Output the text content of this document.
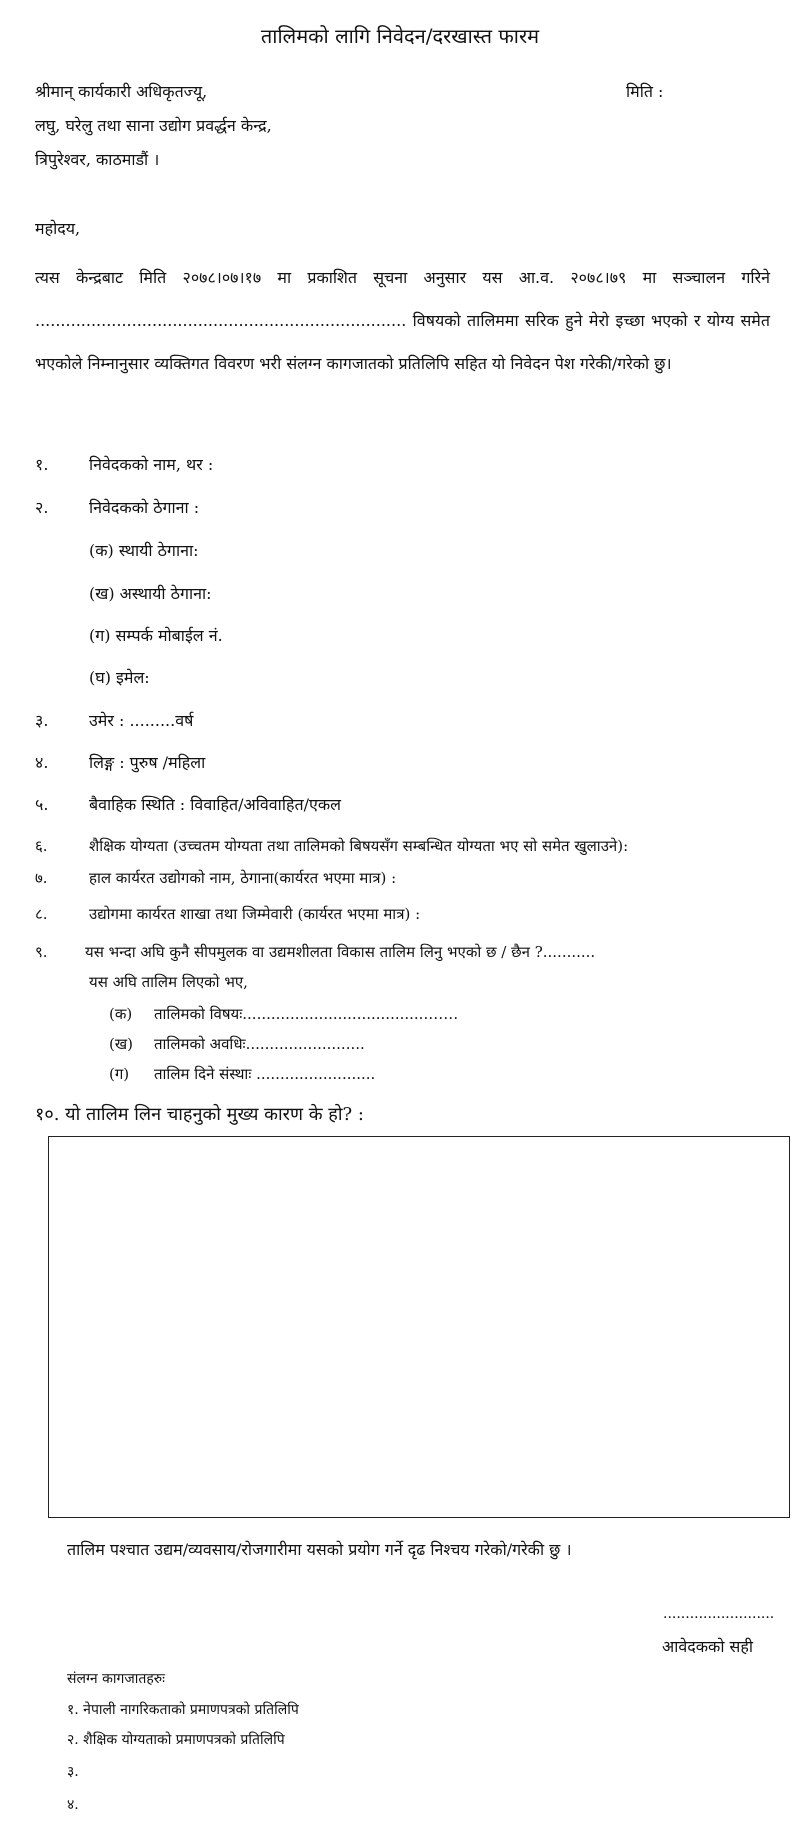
तालिमको लागि निवेदन/दरखास्त फारम
श्रीमान् कार्यकारी अधिकृतज्यू,	मिति :
लघु, घरेलु तथा साना उद्योग प्रवर्द्धन केन्द्र,
त्रिपुरेश्वर, काठमाडौं ।
महोदय,
त्यस केन्द्रबाट मिति २०७८।०७।१७ मा प्रकाशित सूचना अनुसार यस आ.व. २०७८।७९ मा सञ्चालन गरिने ......................................................................... विषयको तालिममा सरिक हुने मेरो इच्छा भएको र योग्य समेत भएकोले निम्नानुसार व्यक्तिगत विवरण भरी संलग्न कागजातको प्रतिलिपि सहित यो निवेदन पेश गरेकी/गरेको छु।
१.	निवेदकको नाम, थर :
२.	निवेदकको ठेगाना :
(क) स्थायी ठेगाना:
(ख) अस्थायी ठेगाना:
(ग) सम्पर्क मोबाईल नं.
(घ) इमेल:
३.	उमेर : .........वर्ष
४.	लिङ्ग : पुरुष /महिला
५.	बैवाहिक स्थिति : विवाहित/अविवाहित/एकल
६.	शैक्षिक योग्यता (उच्चतम योग्यता तथा तालिमको बिषयसँग सम्बन्धित योग्यता भए सो समेत खुलाउने):
७.	हाल कार्यरत उद्योगको नाम, ठेगाना(कार्यरत भएमा मात्र) :
८.	उद्योगमा कार्यरत शाखा तथा जिम्मेवारी (कार्यरत भएमा मात्र) :
९. यस भन्दा अघि कुनै सीपमुलक वा उद्यमशीलता विकास तालिम लिनु भएको छ / छैन ?...........
यस अघि तालिम लिएको भए,
(क) तालिमको विषयः.......................................……
(ख) तालिमको अवधिः.........................
(ग) तालिम दिने संस्थाः .........................
१०. यो तालिम लिन चाहनुको मुख्य कारण के हो? :
तालिम पश्चात उद्यम/व्यवसाय/रोजगारीमा यसको प्रयोग गर्ने दृढ निश्चय गरेको/गरेकी छु ।
.........................
आवेदकको सही
संलग्न कागजातहरुः
१. नेपाली नागरिकताको प्रमाणपत्रको प्रतिलिपि
२. शैक्षिक योग्यताको प्रमाणपत्रको प्रतिलिपि
३.
४.
